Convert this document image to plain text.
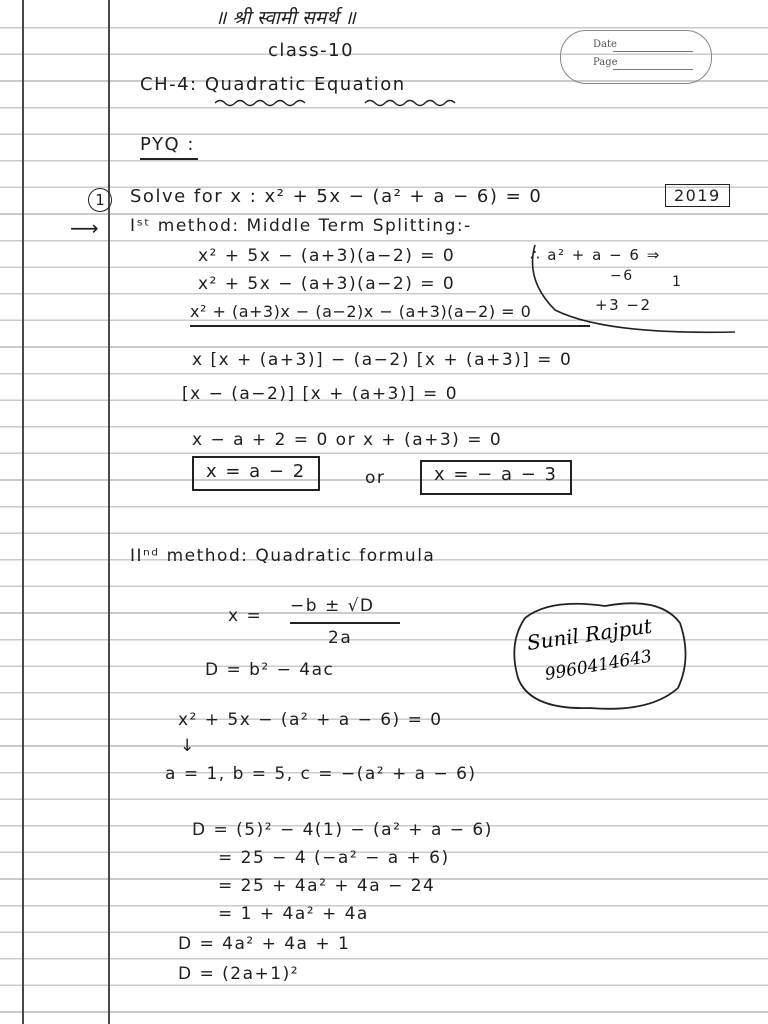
॥ श्री स्वामी समर्थ ॥
class-10
CH-4: Quadratic Equation
Date
Page
PYQ :
1	Solve for x : x² + 5x − (a² + a − 6) = 0	2019
⟶ Iˢᵗ method: Middle Term Splitting:-
x² + 5x − (a+3)(a−2) = 0
x² + 5x − (a+3)(a−2) = 0
x² + (a+3)x − (a−2)x − (a+3)(a−2) = 0
∴ a² + a − 6 ⇒
−6	1
+3 −2
x [x + (a+3)] − (a−2) [x + (a+3)] = 0
[x − (a−2)] [x + (a+3)] = 0
x − a + 2 = 0 or x + (a+3) = 0
x = a − 2	or	x = − a − 3
IIⁿᵈ method: Quadratic formula
x = −b ± √D
2a
D = b² − 4ac
Sunil Rajput
9960414643
x² + 5x − (a² + a − 6) = 0
↓
a = 1, b = 5, c = −(a² + a − 6)
D = (5)² − 4(1) − (a² + a − 6)
= 25 − 4 (−a² − a + 6)
= 25 + 4a² + 4a − 24
= 1 + 4a² + 4a
D = 4a² + 4a + 1
D = (2a+1)²
